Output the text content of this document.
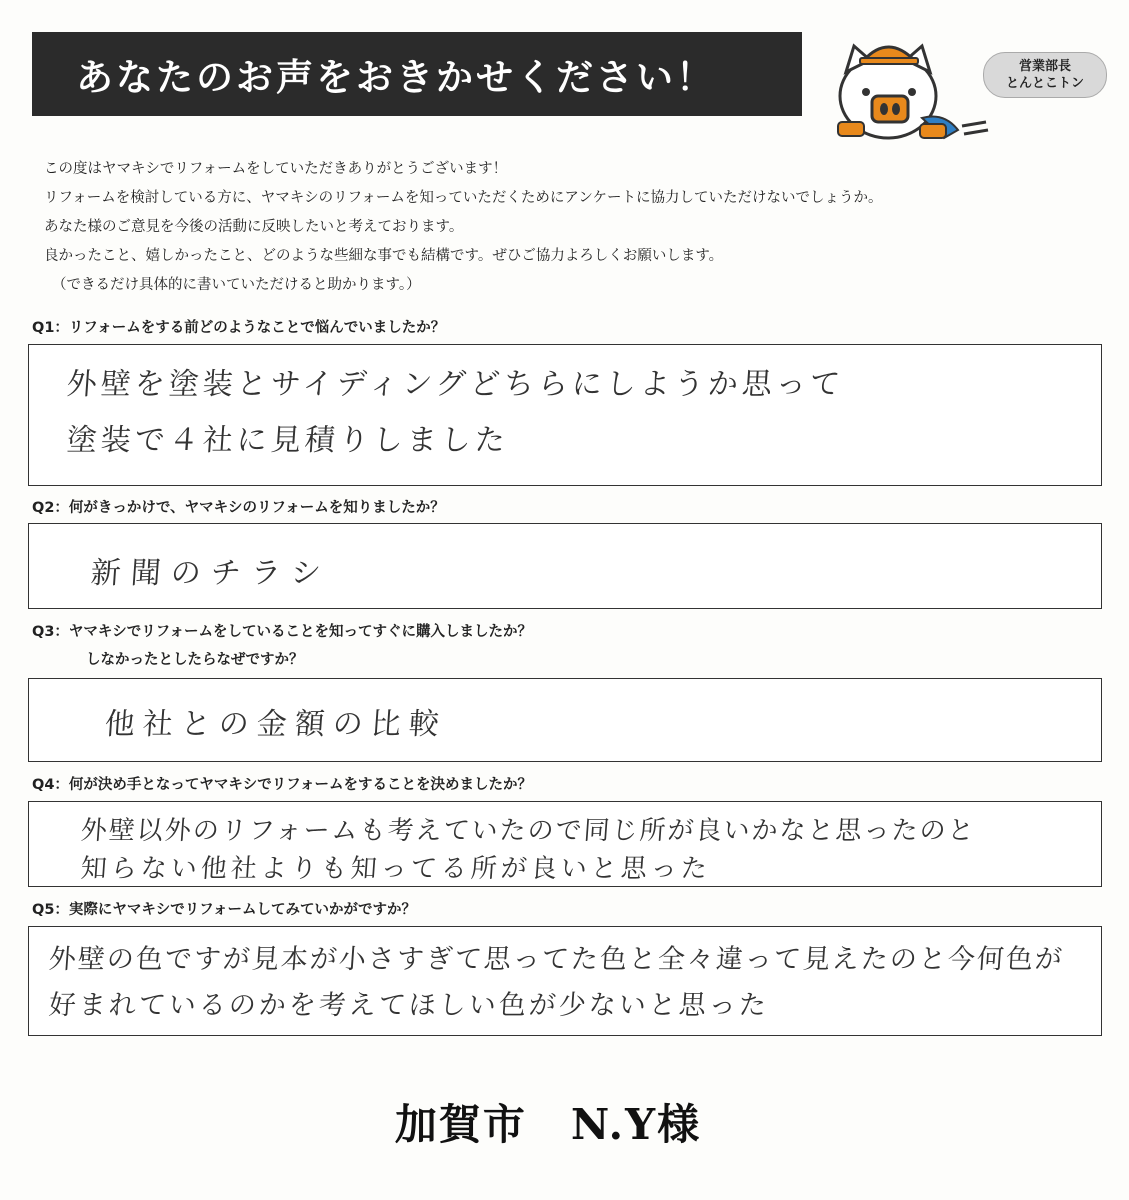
あなたのお声をおきかせください！	営業部長
とんとこトン

この度はヤマキシでリフォームをしていただきありがとうございます！

リフォームを検討している方に、ヤマキシのリフォームを知っていただくためにアンケートに協力していただけないでしょうか。

あなた様のご意見を今後の活動に反映したいと考えております。

良かったこと、嬉しかったこと、どのような些細な事でも結構です。ぜひご協力よろしくお願いします。

（できるだけ具体的に書いていただけると助かります。）

Q1：リフォームをする前どのようなことで悩んでいましたか？
外壁を塗装とサイディングどちらにしようか思って
塗装で４社に見積りしました
Q2：何がきっかけで、ヤマキシのリフォームを知りましたか？
新聞のチラシ
Q3：ヤマキシでリフォームをしていることを知ってすぐに購入しましたか？
しなかったとしたらなぜですか？
他社との金額の比較
Q4：何が決め手となってヤマキシでリフォームをすることを決めましたか？
外壁以外のリフォームも考えていたので同じ所が良いかなと思ったのと
知らない他社よりも知ってる所が良いと思った
Q5：実際にヤマキシでリフォームしてみていかがですか？
外壁の色ですが見本が小さすぎて思ってた色と全々違って見えたのと今何色が
好まれているのかを考えてほしい色が少ないと思った
加賀市　N.Y様
